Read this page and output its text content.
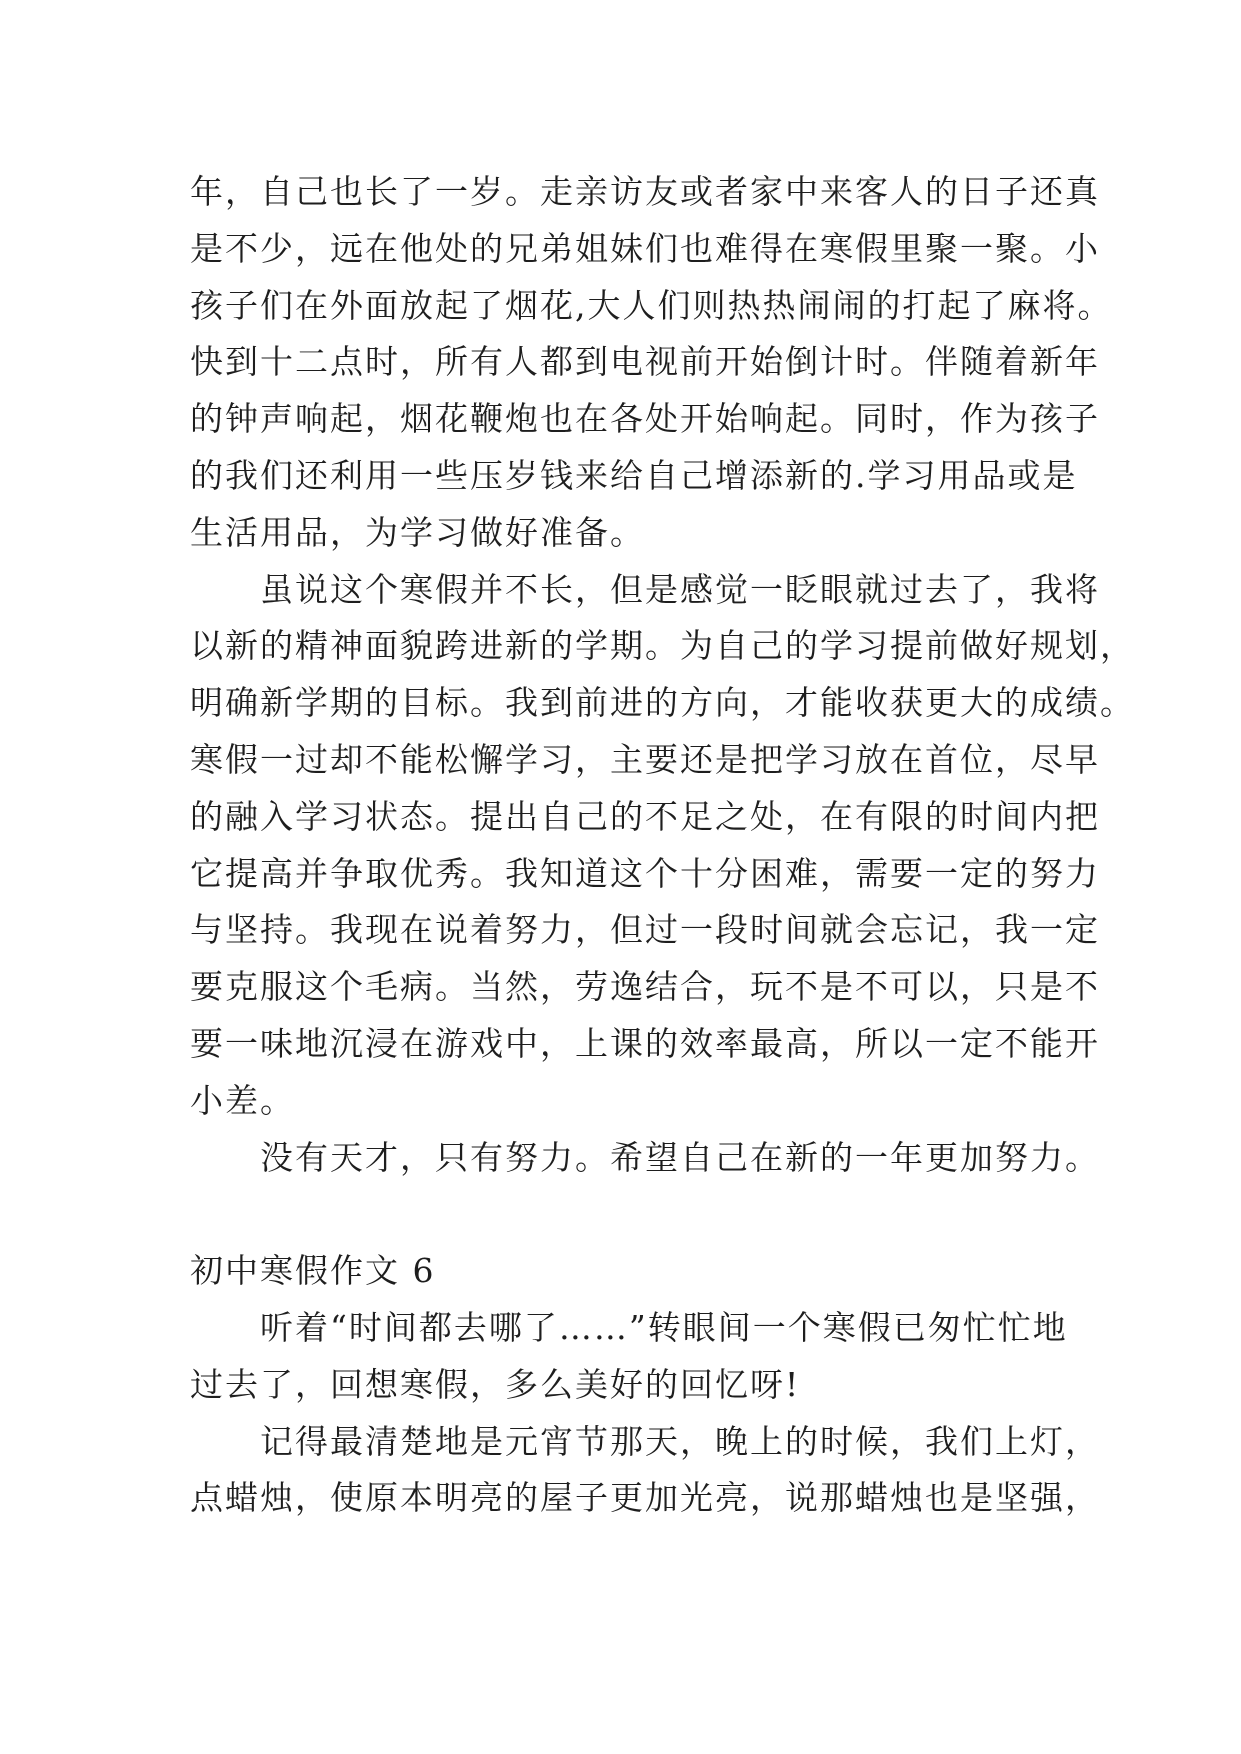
年，自己也长了一岁。走亲访友或者家中来客人的日子还真
是不少，远在他处的兄弟姐妹们也难得在寒假里聚一聚。小
孩子们在外面放起了烟花,大人们则热热闹闹的打起了麻将。
快到十二点时，所有人都到电视前开始倒计时。伴随着新年
的钟声响起，烟花鞭炮也在各处开始响起。同时，作为孩子
的我们还利用一些压岁钱来给自己增添新的.学习用品或是
生活用品，为学习做好准备。
虽说这个寒假并不长，但是感觉一眨眼就过去了，我将
以新的精神面貌跨进新的学期。为自己的学习提前做好规划，
明确新学期的目标。我到前进的方向，才能收获更大的成绩。
寒假一过却不能松懈学习，主要还是把学习放在首位，尽早
的融入学习状态。提出自己的不足之处，在有限的时间内把
它提高并争取优秀。我知道这个十分困难，需要一定的努力
与坚持。我现在说着努力，但过一段时间就会忘记，我一定
要克服这个毛病。当然，劳逸结合，玩不是不可以，只是不
要一味地沉浸在游戏中，上课的效率最高，所以一定不能开
小差。
没有天才，只有努力。希望自己在新的一年更加努力。
初中寒假作文 6
听着“时间都去哪了……”转眼间一个寒假已匆忙忙地
过去了，回想寒假，多么美好的回忆呀!
记得最清楚地是元宵节那天，晚上的时候，我们上灯，
点蜡烛，使原本明亮的屋子更加光亮，说那蜡烛也是坚强，
